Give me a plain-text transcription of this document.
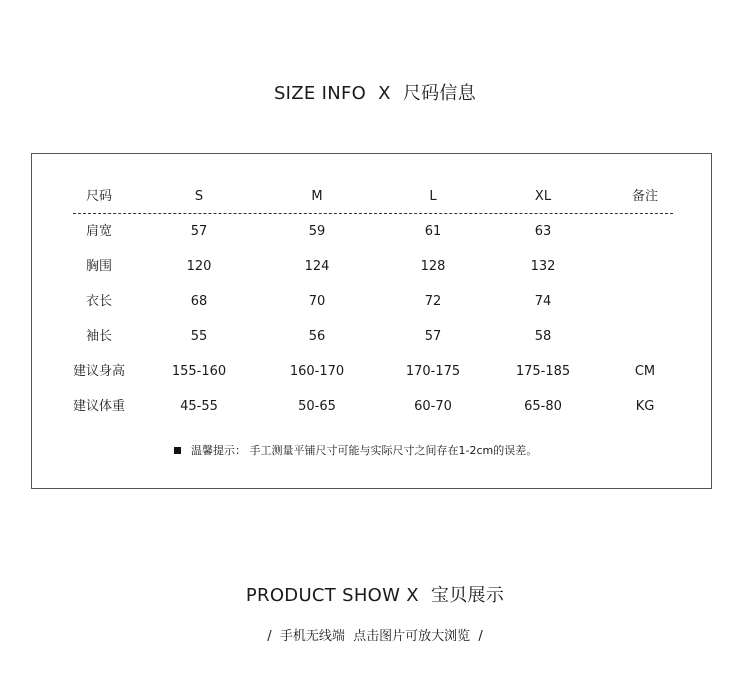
SIZE INFO  X  尺码信息
尺码	S	M	L	XL	备注
肩宽	57	59	61	63
胸围	120	124	128	132
衣长	68	70	72	74
袖长	55	56	57	58
建议身高	155-160	160-170	170-175	175-185	CM
建议体重	45-55	50-65	60-70	65-80	KG
温馨提示： 手工测量平铺尺寸可能与实际尺寸之间存在1-2cm的误差。
PRODUCT SHOW X  宝贝展示
/  手机无线端  点击图片可放大浏览  /
